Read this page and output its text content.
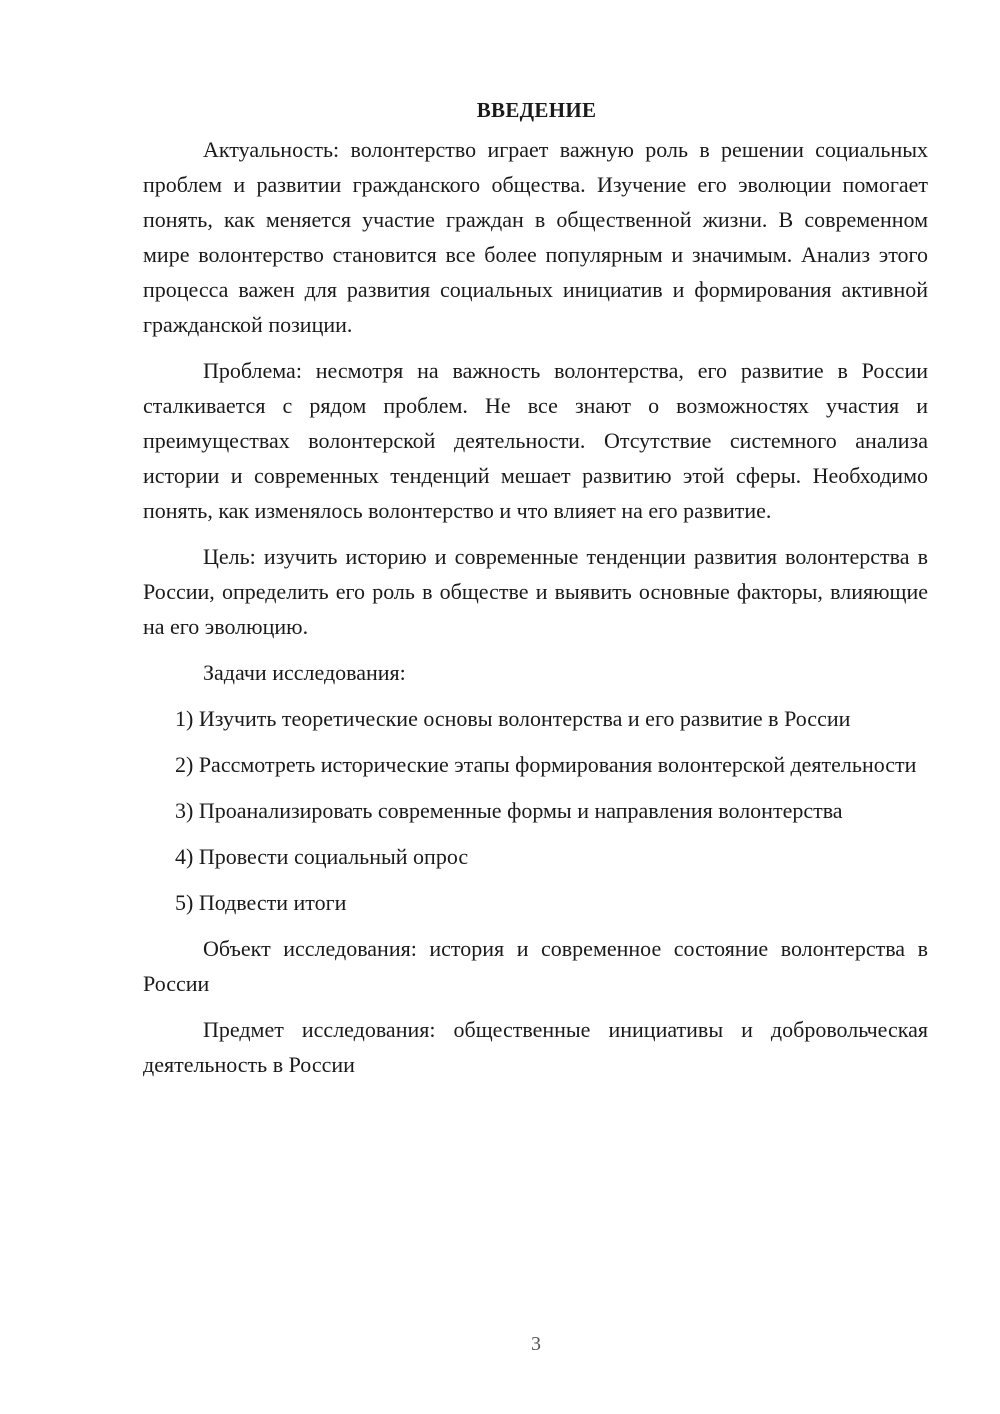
ВВЕДЕНИЕ

Актуальность: волонтерство играет важную роль в решении социальных проблем и развитии гражданского общества. Изучение его эволюции помогает понять, как меняется участие граждан в общественной жизни. В современном мире волонтерство становится все более популярным и значимым. Анализ этого процесса важен для развития социальных инициатив и формирования активной гражданской позиции.

Проблема: несмотря на важность волонтерства, его развитие в России сталкивается с рядом проблем. Не все знают о возможностях участия и преимуществах волонтерской деятельности. Отсутствие системного анализа истории и современных тенденций мешает развитию этой сферы. Необходимо понять, как изменялось волонтерство и что влияет на его развитие.

Цель: изучить историю и современные тенденции развития волонтерства в России, определить его роль в обществе и выявить основные факторы, влияющие на его эволюцию.

Задачи исследования:

1) Изучить теоретические основы волонтерства и его развитие в России

2) Рассмотреть исторические этапы формирования волонтерской деятельности

3) Проанализировать современные формы и направления волонтерства

4) Провести социальный опрос

5) Подвести итоги

Объект исследования: история и современное состояние волонтерства в России

Предмет исследования: общественные инициативы и добровольческая деятельность в России

3
